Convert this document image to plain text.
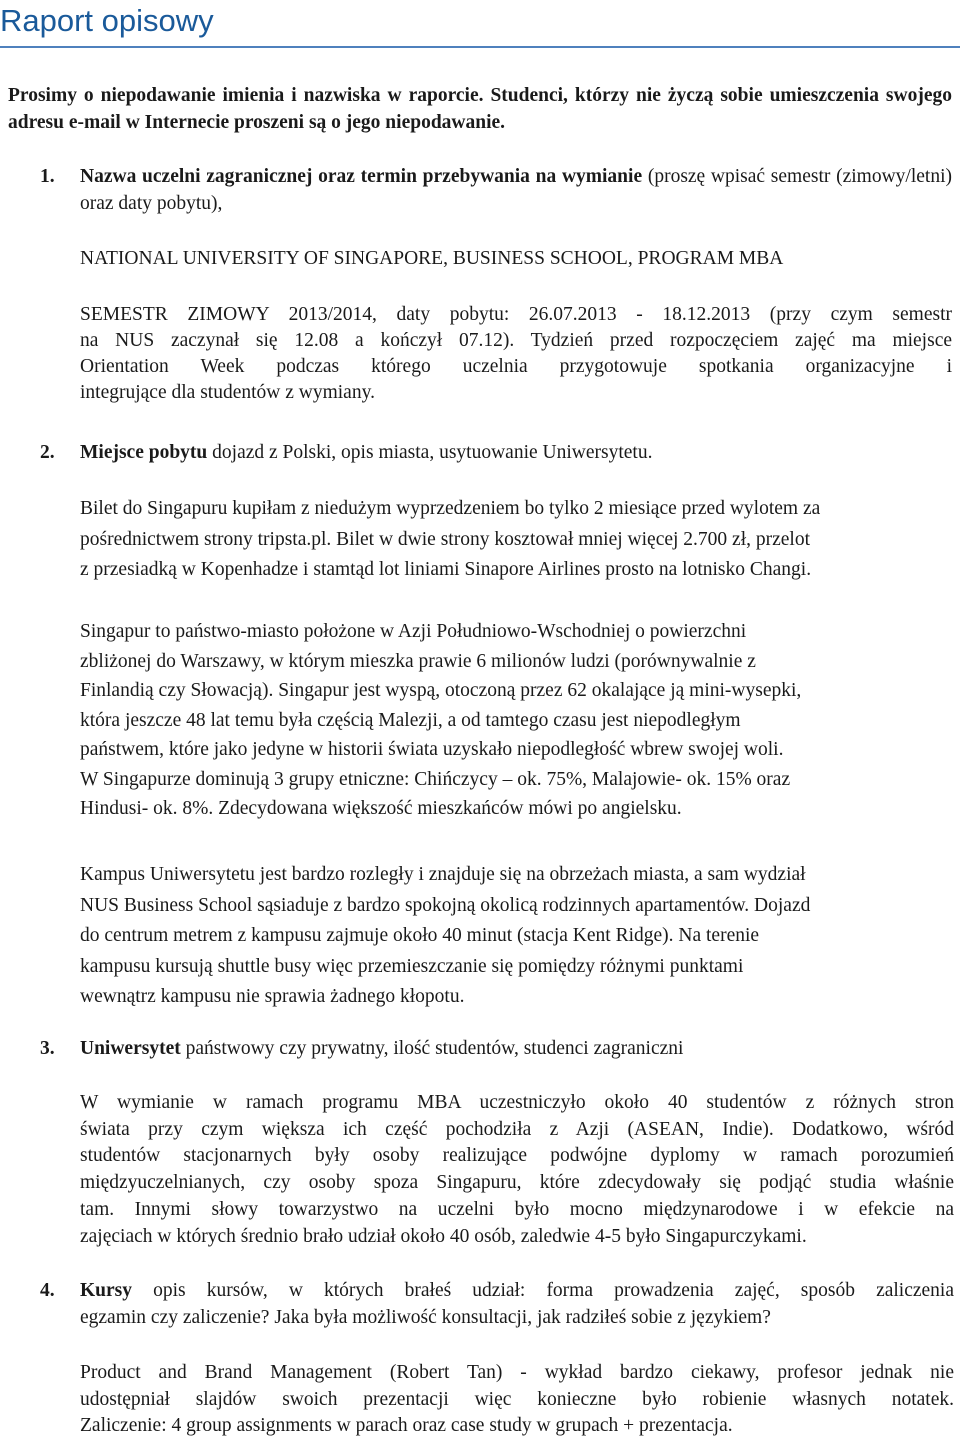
Raport opisowy

Prosimy o niepodawanie imienia i nazwiska w raporcie. Studenci, którzy nie życzą sobie umieszczenia swojego adresu e-mail w Internecie proszeni są o jego niepodawanie.

1. Nazwa uczelni zagranicznej oraz termin przebywania na wymianie (proszę wpisać semestr (zimowy/letni) oraz daty pobytu),
NATIONAL UNIVERSITY OF SINGAPORE, BUSINESS SCHOOL, PROGRAM MBA
SEMESTR ZIMOWY 2013/2014, daty pobytu: 26.07.2013 - 18.12.2013 (przy czym semestr
na NUS zaczynał się 12.08 a kończył 07.12). Tydzień przed rozpoczęciem zajęć ma miejsce
Orientation Week podczas którego uczelnia przygotowuje spotkania organizacyjne i
integrujące dla studentów z wymiany.
2. Miejsce pobytu dojazd z Polski, opis miasta, usytuowanie Uniwersytetu.
Bilet do Singapuru kupiłam z niedużym wyprzedzeniem bo tylko 2 miesiące przed wylotem za
pośrednictwem strony tripsta.pl. Bilet w dwie strony kosztował mniej więcej 2.700 zł, przelot
z przesiadką w Kopenhadze i stamtąd lot liniami Sinapore Airlines prosto na lotnisko Changi.
Singapur to państwo-miasto położone w Azji Południowo-Wschodniej o powierzchni
zbliżonej do Warszawy, w którym mieszka prawie 6 milionów ludzi (porównywalnie z
Finlandią czy Słowacją). Singapur jest wyspą, otoczoną przez 62 okalające ją mini-wysepki,
która jeszcze 48 lat temu była częścią Malezji, a od tamtego czasu jest niepodległym
państwem, które jako jedyne w historii świata uzyskało niepodległość wbrew swojej woli.
W Singapurze dominują 3 grupy etniczne: Chińczycy – ok. 75%, Malajowie- ok. 15% oraz
Hindusi- ok. 8%. Zdecydowana większość mieszkańców mówi po angielsku.
Kampus Uniwersytetu jest bardzo rozległy i znajduje się na obrzeżach miasta, a sam wydział
NUS Business School sąsiaduje z bardzo spokojną okolicą rodzinnych apartamentów. Dojazd
do centrum metrem z kampusu zajmuje około 40 minut (stacja Kent Ridge). Na terenie
kampusu kursują shuttle busy więc przemieszczanie się pomiędzy różnymi punktami
wewnątrz kampusu nie sprawia żadnego kłopotu.
3. Uniwersytet państwowy czy prywatny, ilość studentów, studenci zagraniczni
W wymianie w ramach programu MBA uczestniczyło około 40 studentów z różnych stron
świata przy czym większa ich część pochodziła z Azji (ASEAN, Indie). Dodatkowo, wśród
studentów stacjonarnych były osoby realizujące podwójne dyplomy w ramach porozumień
międzyuczelnianych, czy osoby spoza Singapuru, które zdecydowały się podjąć studia właśnie
tam. Innymi słowy towarzystwo na uczelni było mocno międzynarodowe i w efekcie na
zajęciach w których średnio brało udział około 40 osób, zaledwie 4-5 było Singapurczykami.
4. Kursy opis kursów, w których brałeś udział: forma prowadzenia zajęć, sposób zaliczenia
egzamin czy zaliczenie? Jaka była możliwość konsultacji, jak radziłeś sobie z językiem?
Product and Brand Management (Robert Tan) - wykład bardzo ciekawy, profesor jednak nie
udostępniał slajdów swoich prezentacji więc konieczne było robienie własnych notatek.
Zaliczenie: 4 group assignments w parach oraz case study w grupach + prezentacja.
